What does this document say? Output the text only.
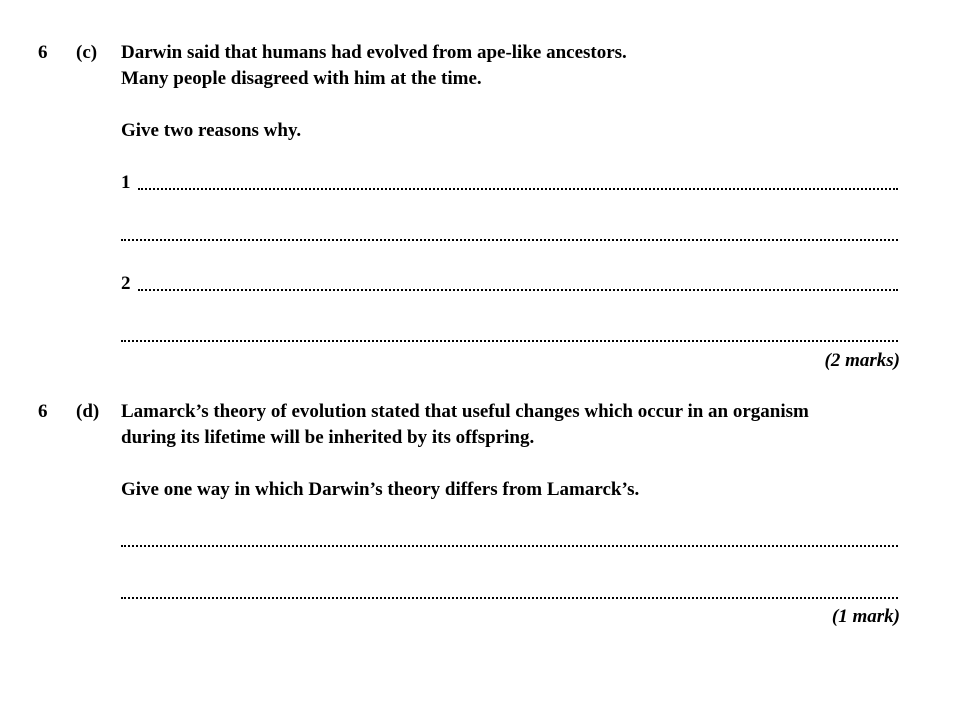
6 (c) Darwin said that humans had evolved from ape-like ancestors.
Many people disagreed with him at the time.
Give two reasons why.
1
2
(2 marks)
6 (d) Lamarck’s theory of evolution stated that useful changes which occur in an organism
during its lifetime will be inherited by its offspring.
Give one way in which Darwin’s theory differs from Lamarck’s.
(1 mark)
